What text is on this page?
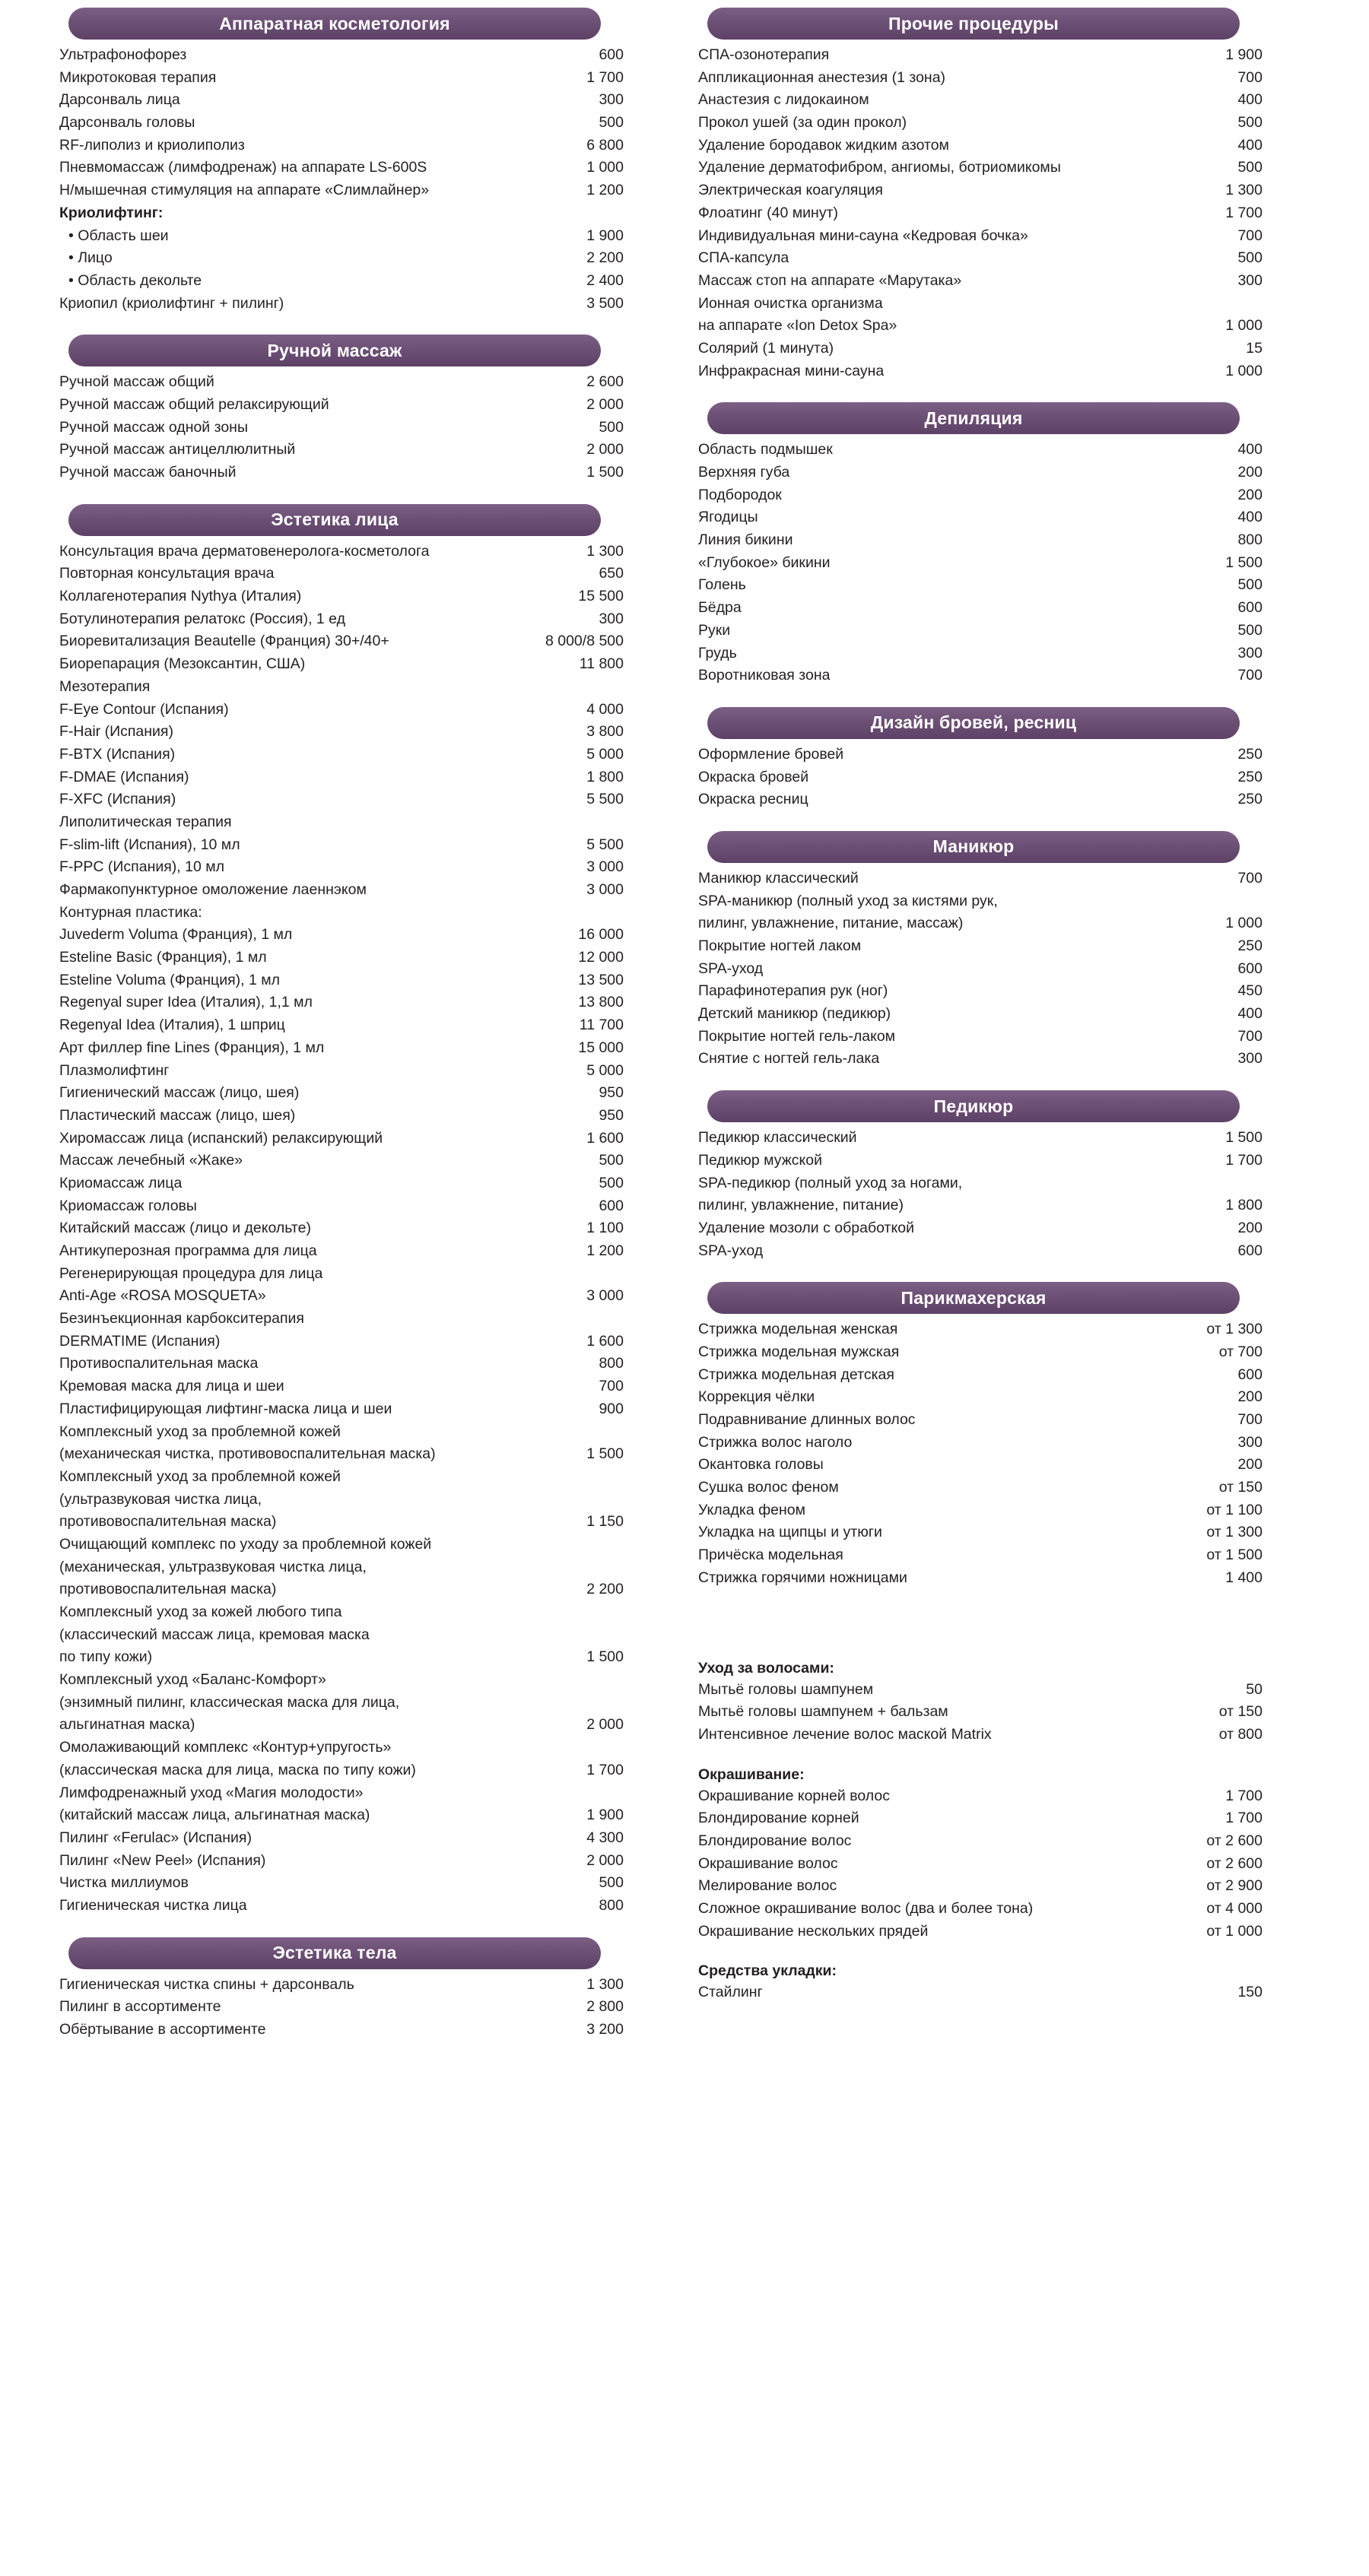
Аппаратная косметология
Ультрафонофорез	600
Микротоковая терапия	1 700
Дарсонваль лица	300
Дарсонваль головы	500
RF-липолиз и криолиполиз	6 800
Пневмомассаж (лимфодренаж) на аппарате LS-600S	1 000
Н/мышечная стимуляция на аппарате «Слимлайнер»	1 200
Криолифтинг:	
• Область шеи	1 900
• Лицо	2 200
• Область декольте	2 400
Криопил (криолифтинг + пилинг)	3 500
Ручной массаж
Ручной массаж общий	2 600
Ручной массаж общий релаксирующий	2 000
Ручной массаж одной зоны	500
Ручной массаж антицеллюлитный	2 000
Ручной массаж баночный	1 500
Эстетика лица
Консультация врача дерматовенеролога-косметолога	1 300
Повторная консультация врача	650
Коллагенотерапия Nythya (Италия)	15 500
Ботулинотерапия релатокс (Россия), 1 ед	300
Биоревитализация Beautelle (Франция) 30+/40+	8 000/8 500
Биорепарация (Мезоксантин, США)	11 800
Мезотерапия	
F-Eye Contour (Испания)	4 000
F-Hair (Испания)	3 800
F-BTX (Испания)	5 000
F-DMAE (Испания)	1 800
F-XFC (Испания)	5 500
Липолитическая терапия	
F-slim-lift (Испания), 10 мл	5 500
F-PPC (Испания), 10 мл	3 000
Фармакопунктурное омоложение лаеннэком	3 000
Контурная пластика:	
Juvederm Voluma (Франция), 1 мл	16 000
Esteline Basic (Франция), 1 мл	12 000
Esteline Voluma (Франция), 1 мл	13 500
Regenyal super Idea (Италия), 1,1 мл	13 800
Regenyal Idea (Италия), 1 шприц	11 700
Арт филлер fine Lines (Франция), 1 мл	15 000
Плазмолифтинг	5 000
Гигиенический массаж (лицо, шея)	950
Пластический массаж (лицо, шея)	950
Хиромассаж лица (испанский) релаксирующий	1 600
Массаж лечебный «Жаке»	500
Криомассаж лица	500
Криомассаж головы	600
Китайский массаж (лицо и декольте)	1 100
Антикуперозная программа для лица	1 200
Регенерирующая процедура для лица	
Anti-Age «ROSA MOSQUETA»	3 000
Безинъекционная карбокситерапия	
DERMATIME (Испания)	1 600
Противоспалительная маска	800
Кремовая маска для лица и шеи	700
Пластифицирующая лифтинг-маска лица и шеи	900
Комплексный уход за проблемной кожей	
(механическая чистка, противовоспалительная маска)	1 500
Комплексный уход за проблемной кожей	
(ультразвуковая чистка лица,	
противовоспалительная маска)	1 150
Очищающий комплекс по уходу за проблемной кожей	
(механическая, ультразвуковая чистка лица,	
противовоспалительная маска)	2 200
Комплексный уход за кожей любого типа	
(классический массаж лица, кремовая маска	
по типу кожи)	1 500
Комплексный уход «Баланс-Комфорт»	
(энзимный пилинг, классическая маска для лица,	
альгинатная маска)	2 000
Омолаживающий комплекс «Контур+упругость»	
(классическая маска для лица, маска по типу кожи)	1 700
Лимфодренажный уход «Магия молодости»	
(китайский массаж лица, альгинатная маска)	1 900
Пилинг «Ferulac» (Испания)	4 300
Пилинг «New Peel» (Испания)	2 000
Чистка миллиумов	500
Гигиеническая чистка лица	800
Эстетика тела
Гигиеническая чистка спины + дарсонваль	1 300
Пилинг в ассортименте	2 800
Обёртывание в ассортименте	3 200
Прочие процедуры
СПА-озонотерапия	1 900
Аппликационная анестезия (1 зона)	700
Анастезия с лидокаином	400
Прокол ушей (за один прокол)	500
Удаление бородавок жидким азотом	400
Удаление дерматофибром, ангиомы, ботриомикомы	500
Электрическая коагуляция	1 300
Флоатинг (40 минут)	1 700
Индивидуальная мини-сауна «Кедровая бочка»	700
СПА-капсула	500
Массаж стоп на аппарате «Марутака»	300
Ионная очистка организма	
на аппарате «Ion Detox Spa»	1 000
Солярий (1 минута)	15
Инфракрасная мини-сауна	1 000
Депиляция
Область подмышек	400
Верхняя губа	200
Подбородок	200
Ягодицы	400
Линия бикини	800
«Глубокое» бикини	1 500
Голень	500
Бёдра	600
Руки	500
Грудь	300
Воротниковая зона	700
Дизайн бровей, ресниц
Оформление бровей	250
Окраска бровей	250
Окраска ресниц	250
Маникюр
Маникюр классический	700
SPA-маникюр (полный уход за кистями рук,	
пилинг, увлажнение, питание, массаж)	1 000
Покрытие ногтей лаком	250
SPA-уход	600
Парафинотерапия рук (ног)	450
Детский маникюр (педикюр)	400
Покрытие ногтей гель-лаком	700
Снятие с ногтей гель-лака	300
Педикюр
Педикюр классический	1 500
Педикюр мужской	1 700
SPA-педикюр (полный уход за ногами,	
пилинг, увлажнение, питание)	1 800
Удаление мозоли с обработкой	200
SPA-уход	600
Парикмахерская
Стрижка модельная женская	от 1 300
Стрижка модельная мужская	от 700
Стрижка модельная детская	600
Коррекция чёлки	200
Подравнивание длинных волос	700
Стрижка волос наголо	300
Окантовка головы	200
Сушка волос феном	от 150
Укладка феном	от 1 100
Укладка на щипцы и утюги	от 1 300
Причёска модельная	от 1 500
Стрижка горячими ножницами	1 400
Уход за волосами:
Мытьё головы шампунем	50
Мытьё головы шампунем + бальзам	от 150
Интенсивное лечение волос маской Matrix	от 800
Окрашивание:
Окрашивание корней волос	1 700
Блондирование корней	1 700
Блондирование волос	от 2 600
Окрашивание волос	от 2 600
Мелирование волос	от 2 900
Сложное окрашивание волос (два и более тона)	от 4 000
Окрашивание нескольких прядей	от 1 000
Средства укладки:
Стайлинг	150
